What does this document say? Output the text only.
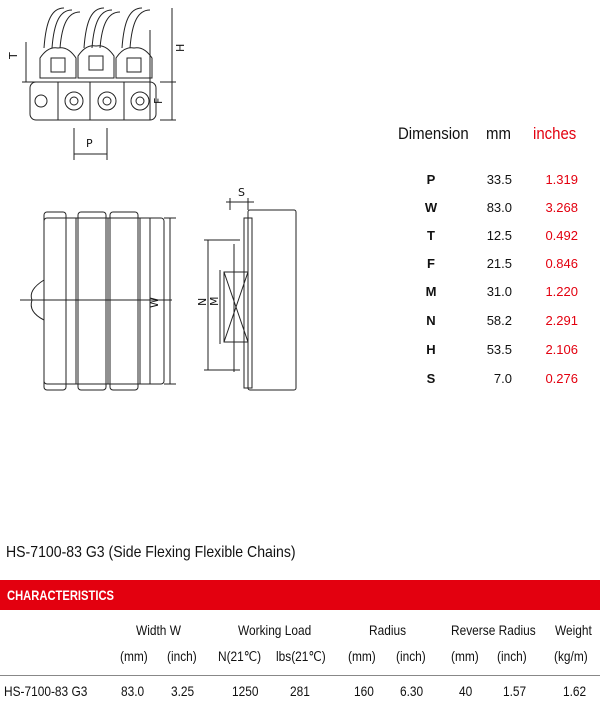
T
H
F
P
S
W	N M
Dimension mm inches
P	33.5	1.319
W	83.0	3.268
T	12.5	0.492
F	21.5	0.846
M	31.0	1.220
N	58.2	2.291
H	53.5	2.106
S	7.0	0.276
HS-7100-83 G3 (Side Flexing Flexible Chains)
CHARACTERISTICS
Width W	Working Load	Radius	Reverse Radius Weight
(mm) (inch) N(21℃) lbs(21℃) (mm) (inch) (mm) (inch) (kg/m)
HS-7100-83 G3 83.0 3.25	1250 281	160 6.30	40 1.57	1.62
